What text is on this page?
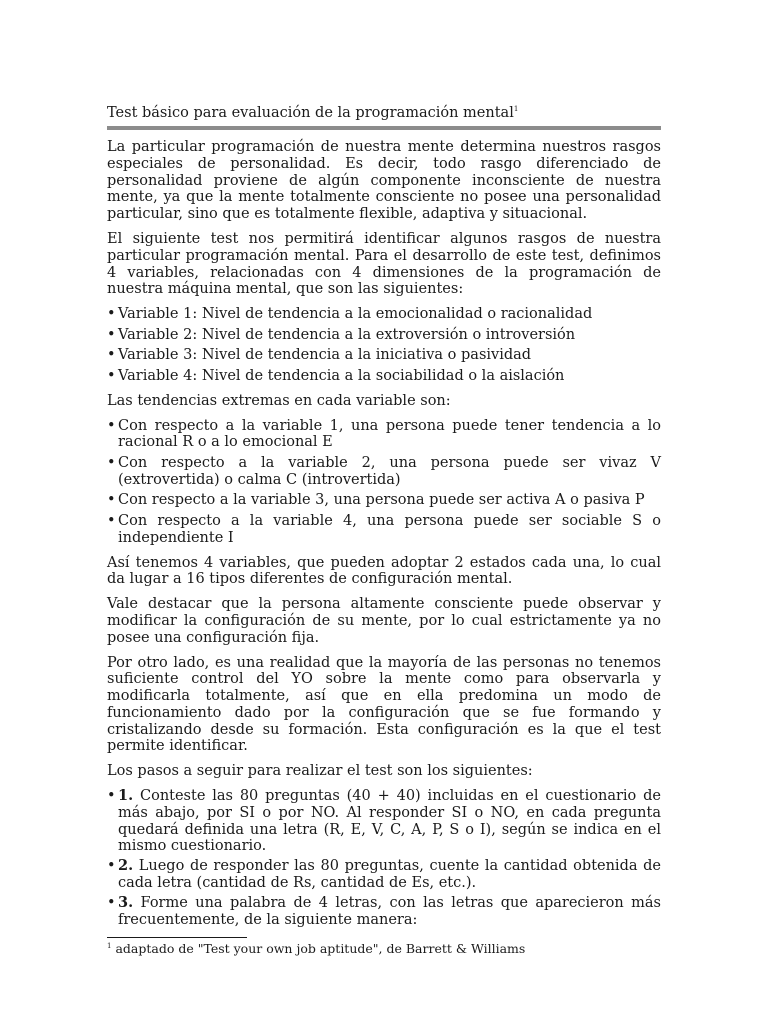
Test básico para evaluación de la programación mental$^1$

La particular programación de nuestra mente determina nuestros rasgos especiales de personalidad. Es decir, todo rasgo diferenciado de personalidad proviene de algún componente inconsciente de nuestra mente, ya que la mente totalmente consciente no posee una personalidad particular, sino que es totalmente flexible, adaptiva y situacional.

El siguiente test nos permitirá identificar algunos rasgos de nuestra particular programación mental. Para el desarrollo de este test, definimos 4 variables, relacionadas con 4 dimensiones de la programación de nuestra máquina mental, que son las siguientes:

• Variable 1: Nivel de tendencia a la emocionalidad o racionalidad
• Variable 2: Nivel de tendencia a la extroversión o introversión
• Variable 3: Nivel de tendencia a la iniciativa o pasividad
• Variable 4: Nivel de tendencia a la sociabilidad o la aislación

Las tendencias extremas en cada variable son:

• Con respecto a la variable 1, una persona puede tener tendencia a lo racional R o a lo emocional E
• Con respecto a la variable 2, una persona puede ser vivaz V (extrovertida) o calma C (introvertida)
• Con respecto a la variable 3, una persona puede ser activa A o pasiva P
• Con respecto a la variable 4, una persona puede ser sociable S o independiente I

Así tenemos 4 variables, que pueden adoptar 2 estados cada una, lo cual da lugar a 16 tipos diferentes de configuración mental.

Vale destacar que la persona altamente consciente puede observar y modificar la configuración de su mente, por lo cual estrictamente ya no posee una configuración fija.

Por otro lado, es una realidad que la mayoría de las personas no tenemos suficiente control del YO sobre la mente como para observarla y modificarla totalmente, así que en ella predomina un modo de funcionamiento dado por la configuración que se fue formando y cristalizando desde su formación. Esta configuración es la que el test permite identificar.

Los pasos a seguir para realizar el test son los siguientes:

• 1. Conteste las 80 preguntas (40 + 40) incluidas en el cuestionario de más abajo, por SI o por NO. Al responder SI o NO, en cada pregunta quedará definida una letra (R, E, V, C, A, P, S o I), según se indica en el mismo cuestionario.
• 2. Luego de responder las 80 preguntas, cuente la cantidad obtenida de cada letra (cantidad de Rs, cantidad de Es, etc.).
• 3. Forme una palabra de 4 letras, con las letras que aparecieron más frecuentemente, de la siguiente manera:
$^1$ adaptado de "Test your own job aptitude", de Barrett & Williams
